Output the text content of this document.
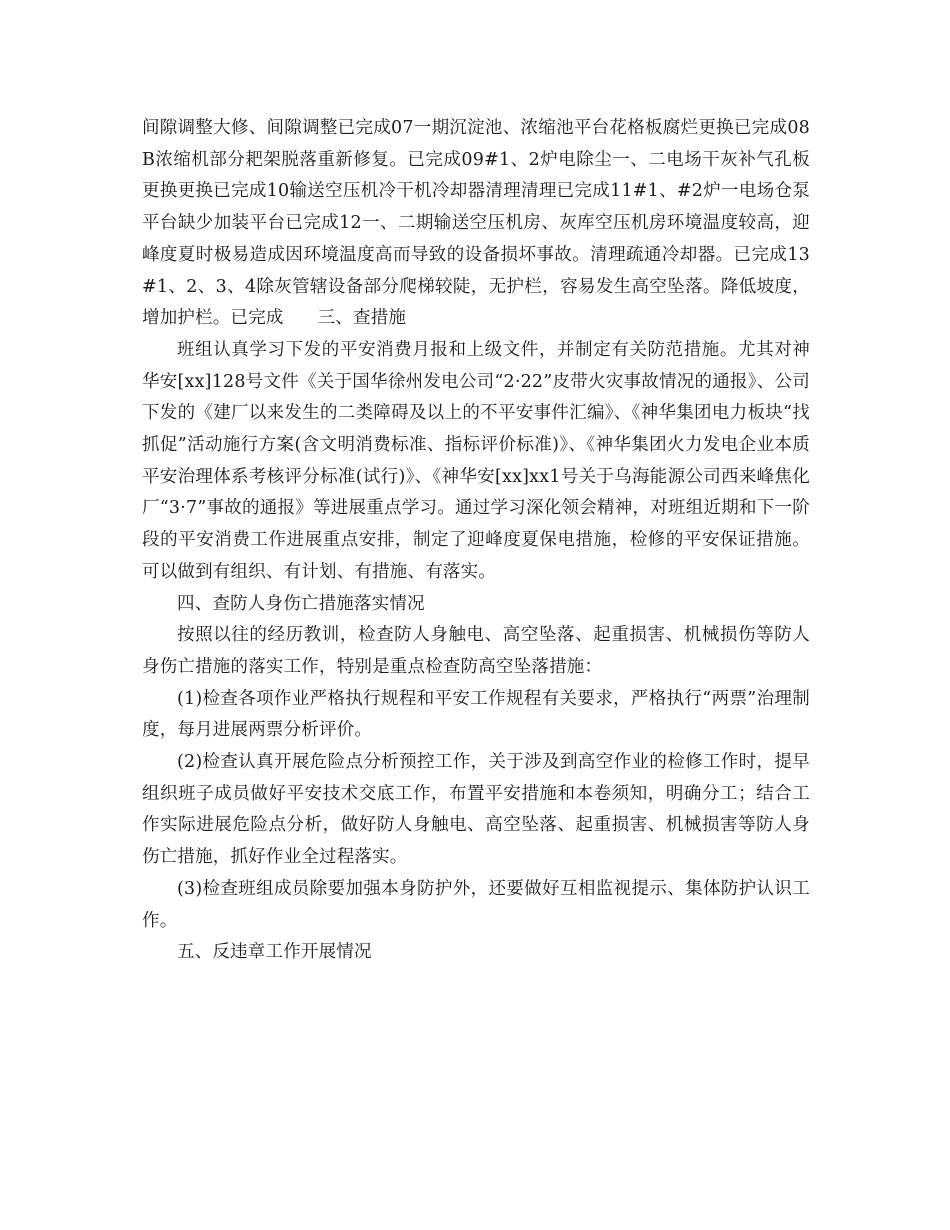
间隙调整大修、间隙调整已完成07一期沉淀池、浓缩池平台花格板腐烂更换已完成08B浓缩机部分耙架脱落重新修复。已完成09#1、2炉电除尘一、二电场干灰补气孔板更换更换已完成10输送空压机冷干机冷却器清理清理已完成11#1、#2炉一电场仓泵平台缺少加装平台已完成12一、二期输送空压机房、灰库空压机房环境温度较高，迎峰度夏时极易造成因环境温度高而导致的设备损坏事故。清理疏通冷却器。已完成13#1、2、3、4除灰管辖设备部分爬梯较陡，无护栏，容易发生高空坠落。降低坡度，增加护栏。已完成 三、查措施

班组认真学习下发的平安消费月报和上级文件，并制定有关防范措施。尤其对神华安[xx]128号文件《关于国华徐州发电公司“2·22”皮带火灾事故情况的通报》、公司下发的《建厂以来发生的二类障碍及以上的不平安事件汇编》、《神华集团电力板块“找抓促”活动施行方案(含文明消费标准、指标评价标准)》、《神华集团火力发电企业本质平安治理体系考核评分标准(试行)》、《神华安[xx]xx1号关于乌海能源公司西来峰焦化厂“3·7”事故的通报》等进展重点学习。通过学习深化领会精神，对班组近期和下一阶段的平安消费工作进展重点安排，制定了迎峰度夏保电措施，检修的平安保证措施。可以做到有组织、有计划、有措施、有落实。

四、查防人身伤亡措施落实情况

按照以往的经历教训，检查防人身触电、高空坠落、起重损害、机械损伤等防人身伤亡措施的落实工作，特别是重点检查防高空坠落措施：

(1)检查各项作业严格执行规程和平安工作规程有关要求，严格执行“两票”治理制度，每月进展两票分析评价。

(2)检查认真开展危险点分析预控工作，关于涉及到高空作业的检修工作时，提早组织班子成员做好平安技术交底工作，布置平安措施和本卷须知，明确分工；结合工作实际进展危险点分析，做好防人身触电、高空坠落、起重损害、机械损害等防人身伤亡措施，抓好作业全过程落实。

(3)检查班组成员除要加强本身防护外，还要做好互相监视提示、集体防护认识工作。

五、反违章工作开展情况
